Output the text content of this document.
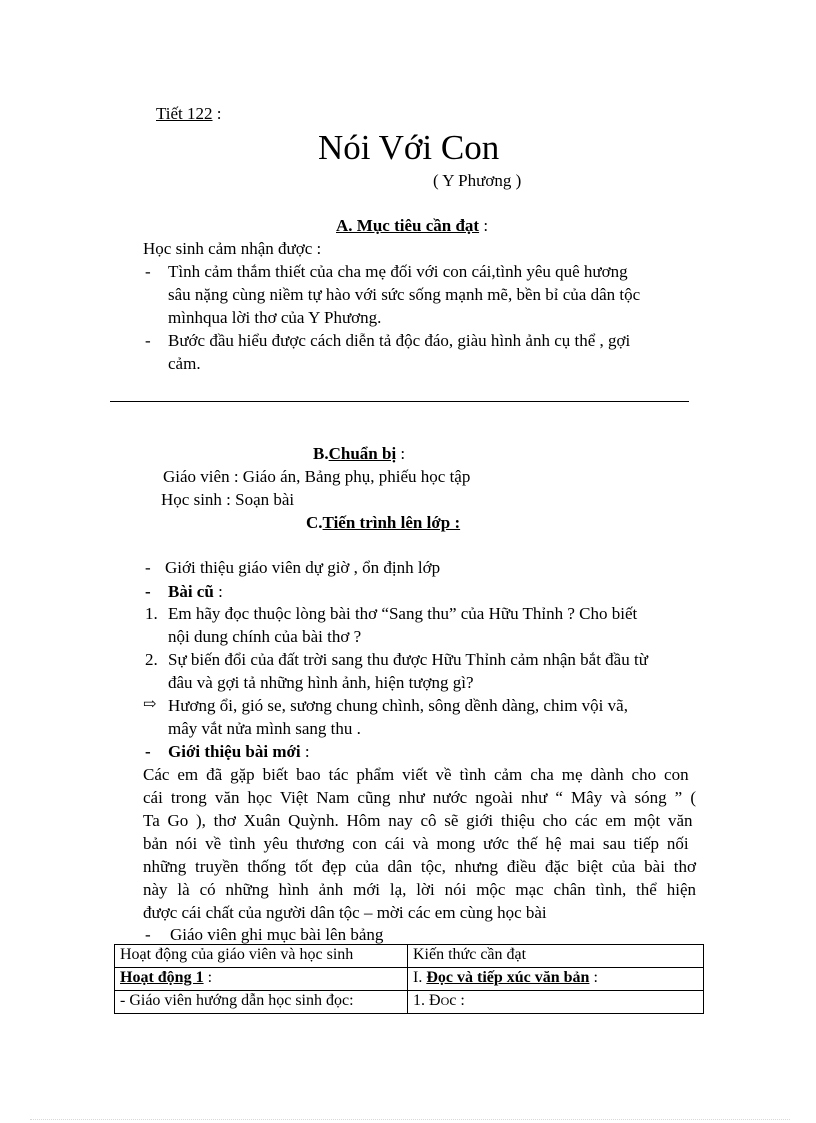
Tiết 122 :
Nói Với Con
( Y Phương )
A. Mục tiêu cần đạt :
Học sinh cảm nhận được :
- Tình cảm thắm thiết của cha mẹ đối với con cái,tình yêu quê hương
sâu nặng cùng niềm tự hào với sức sống mạnh mẽ, bền bỉ của dân tộc
mìnhqua lời thơ của Y Phương.
- Bước đầu hiểu được cách diễn tả độc đáo, giàu hình ảnh cụ thể , gợi
cảm.
B.Chuẩn bị :
Giáo viên : Giáo án, Bảng phụ, phiếu học tập
Học sinh : Soạn bài
C.Tiến trình lên lớp :
- Giới thiệu giáo viên dự giờ , ổn định lớp
- Bài cũ :
1. Em hãy đọc thuộc lòng bài thơ “Sang thu” của Hữu Thỉnh ? Cho biết
nội dung chính của bài thơ ?
2. Sự biến đổi của đất trời sang thu được Hữu Thỉnh cảm nhận bắt đầu từ
đâu và gợi tả những hình ảnh, hiện tượng gì?
⇨ Hương ổi, gió se, sương chung chình, sông dềnh dàng, chim vội vã,
mây vắt nửa mình sang thu .
- Giới thiệu bài mới :
Các em đã gặp biết bao tác phẩm viết về tình cảm cha mẹ dành cho con
cái trong văn học Việt Nam cũng như nước ngoài như “ Mây và sóng ” (
Ta Go ), thơ Xuân Quỳnh. Hôm nay cô sẽ giới thiệu cho các em một văn
bản nói về tình yêu thương con cái và mong ước thế hệ mai sau tiếp nối
những truyền thống tốt đẹp của dân tộc, nhưng điều đặc biệt của bài thơ
này là có những hình ảnh mới lạ, lời nói mộc mạc chân tình, thể hiện
được cái chất của người dân tộc – mời các em cùng học bài
- Giáo viên ghi mục bài lên bảng
Hoạt động của giáo viên và học sinh	Kiến thức cần đạt
Hoạt động 1 :	I. Đọc và tiếp xúc văn bản :
- Giáo viên hướng dẫn học sinh đọc:	1. ĐOc :
